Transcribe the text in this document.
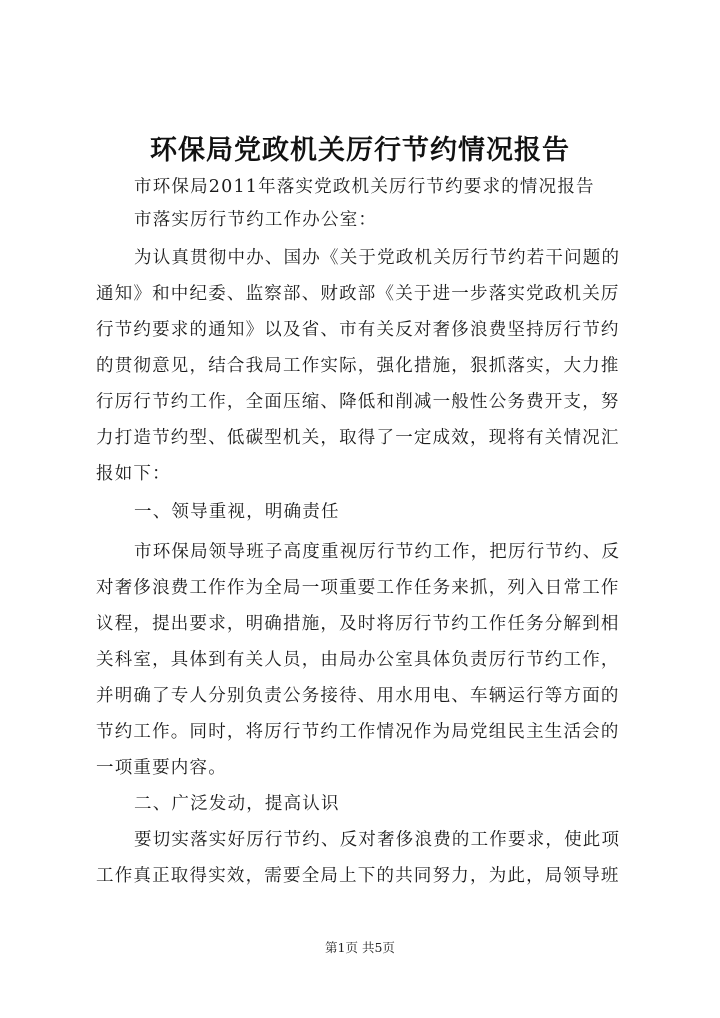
环保局党政机关厉行节约情况报告
市环保局2011年落实党政机关厉行节约要求的情况报告
市落实厉行节约工作办公室：
为认真贯彻中办、国办《关于党政机关厉行节约若干问题的
通知》和中纪委、监察部、财政部《关于进一步落实党政机关厉
行节约要求的通知》以及省、市有关反对奢侈浪费坚持厉行节约
的贯彻意见，结合我局工作实际，强化措施，狠抓落实，大力推
行厉行节约工作，全面压缩、降低和削减一般性公务费开支，努
力打造节约型、低碳型机关，取得了一定成效，现将有关情况汇
报如下：
一、领导重视，明确责任
市环保局领导班子高度重视厉行节约工作，把厉行节约、反
对奢侈浪费工作作为全局一项重要工作任务来抓，列入日常工作
议程，提出要求，明确措施，及时将厉行节约工作任务分解到相
关科室，具体到有关人员，由局办公室具体负责厉行节约工作，
并明确了专人分别负责公务接待、用水用电、车辆运行等方面的
节约工作。同时，将厉行节约工作情况作为局党组民主生活会的
一项重要内容。
二、广泛发动，提高认识
要切实落实好厉行节约、反对奢侈浪费的工作要求，使此项
工作真正取得实效，需要全局上下的共同努力，为此，局领导班
第1页 共5页
